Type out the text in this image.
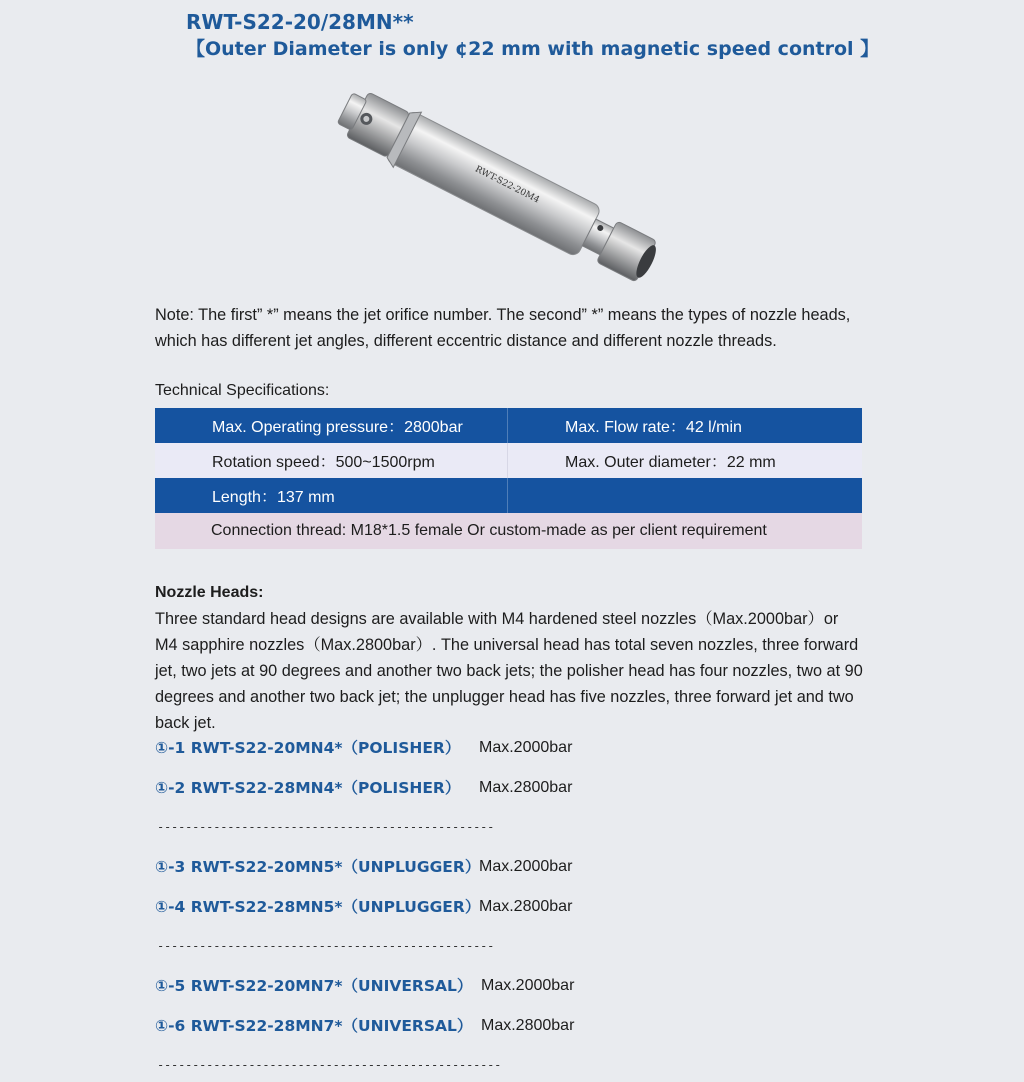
RWT-S22-20/28MN**
【Outer Diameter is only ¢22 mm with magnetic speed control 】
RWT-S22-20M4
Note: The first” *” means the jet orifice number. The second” *” means the types of nozzle heads, which has different jet angles, different eccentric distance and different nozzle threads.
Technical Specifications:
Max. Operating pressure：2800bar	Max. Flow rate：42 l/min
Rotation speed：500~1500rpm	Max. Outer diameter：22 mm
Length：137 mm
Connection thread: M18*1.5 female Or custom-made as per client requirement
Nozzle Heads:
Three standard head designs are available with M4 hardened steel nozzles（Max.2000bar）or M4 sapphire nozzles（Max.2800bar）. The universal head has total seven nozzles, three forward jet, two jets at 90 degrees and another two back jets; the polisher head has four nozzles, two at 90 degrees and another two back jet; the unplugger head has five nozzles, three forward jet and two back jet.
①-1 RWT-S22-20MN4*（POLISHER） Max.2000bar
①-2 RWT-S22-28MN4*（POLISHER） Max.2800bar
------------------------------------------------
①-3 RWT-S22-20MN5*（UNPLUGGER）
Max.2000bar
①-4 RWT-S22-28MN5*（UNPLUGGER）
Max.2800bar
------------------------------------------------
①-5 RWT-S22-20MN7*（UNIVERSAL） Max.2000bar
①-6 RWT-S22-28MN7*（UNIVERSAL） Max.2800bar
-------------------------------------------------
